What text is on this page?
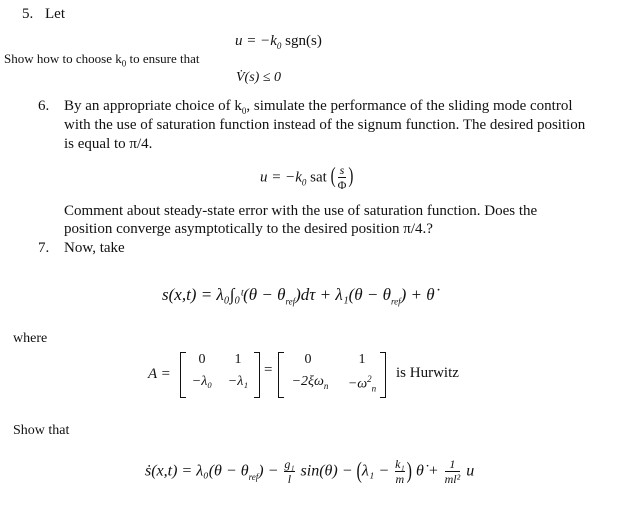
5. Let
$u = -k_0$ sgn(s)
Show how to choose $k_0$ to ensure that
V̇(s) ≤ 0
6. By an appropriate choice of $k_0$, simulate the performance of the sliding mode control
with the use of saturation function instead of the signum function. The desired position
is equal to π/4.
$u = -k_0$ sat ( $\frac{s}{\Phi}$ )
Comment about steady-state error with the use of saturation function. Does the
position converge asymptotically to the desired position π/4.?
7. Now, take
s(x,t) = λ₀∫₀ᵗ(θ − $\theta_{ref})d\tau + \lambda_1(\theta - \theta_{ref})$ + θ̇
where
A =
0	1
−λ₀	−λ₁
=
0	1
$-2\xi\omega_n$	$-\omega^2_n$
is Hurwitz
Show that
ṡ(x,t) = $\lambda_0(\theta - \theta_{ref}) - \frac{\text{g₁}}{l} \sin(\theta) - (\lambda_1 - \frac{\text{k₁}}{m}$ ) θ̇ + $\frac{1}{\text{ml²}}$ u
